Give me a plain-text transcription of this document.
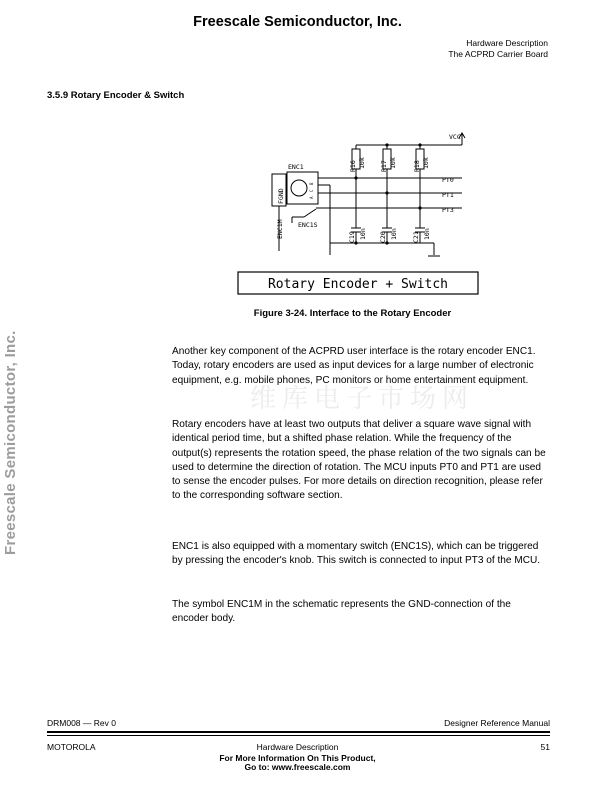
Freescale Semiconductor, Inc.
Hardware Description
The ACPRD Carrier Board
Freescale Semiconductor, Inc.
3.5.9 Rotary Encoder & Switch
VCC
ENC1
ENC1S
FGND
ENC1M
PT0
PT1
PT3
R16 10k R17 10k R18 10k
C19 10n C20 10n C21 10n
B
C
A
Rotary Encoder + Switch
Figure 3-24. Interface to the Rotary Encoder
维库电子市场网

Another key component of the ACPRD user interface is the rotary encoder ENC1. Today, rotary encoders are used as input devices for a large number of electronic equipment, e.g. mobile phones, PC monitors or home entertainment equipment.

Rotary encoders have at least two outputs that deliver a square wave signal with identical period time, but a shifted phase relation. While the frequency of the output(s) represents the rotation speed, the phase relation of the two signals can be used to determine the direction of rotation. The MCU inputs PT0 and PT1 are used to sense the encoder pulses. For more details on direction recognition, please refer to the corresponding software section.

ENC1 is also equipped with a momentary switch (ENC1S), which can be triggered by pressing the encoder's knob. This switch is connected to input PT3 of the MCU.

The symbol ENC1M in the schematic represents the GND-connection of the encoder body.

DRM008 — Rev 0	Designer Reference Manual
MOTOROLA	Hardware Description	51
For More Information On This Product,
Go to: www.freescale.com
